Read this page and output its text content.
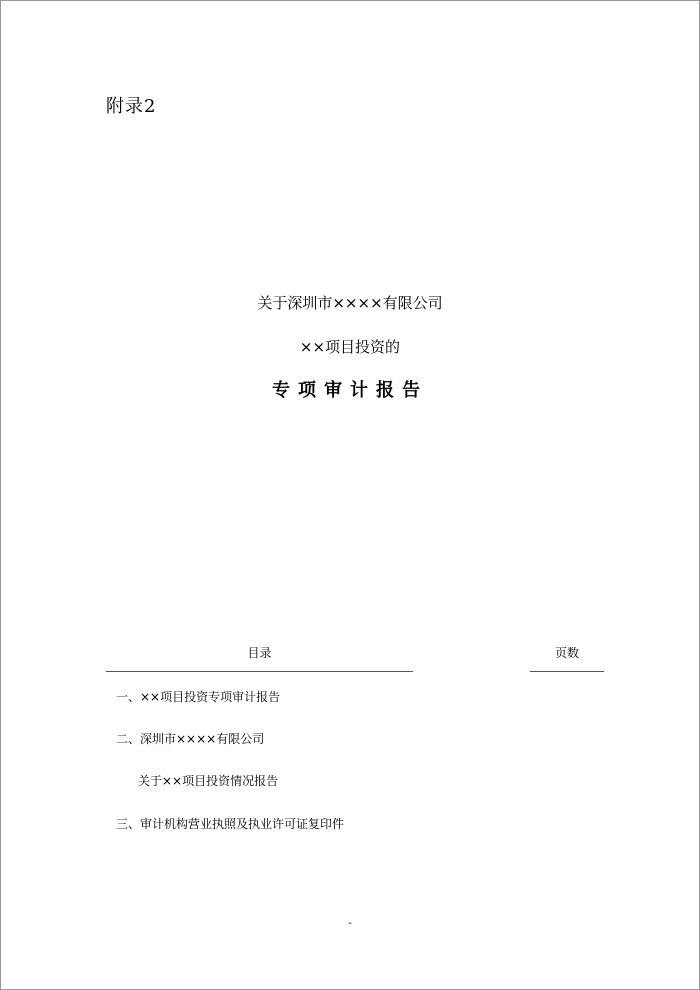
附录2
关于深圳市××××有限公司
××项目投资的
专项审计报告
目录	页数
一、××项目投资专项审计报告
二、深圳市××××有限公司
关于××项目投资情况报告
三、审计机构营业执照及执业许可证复印件
-
